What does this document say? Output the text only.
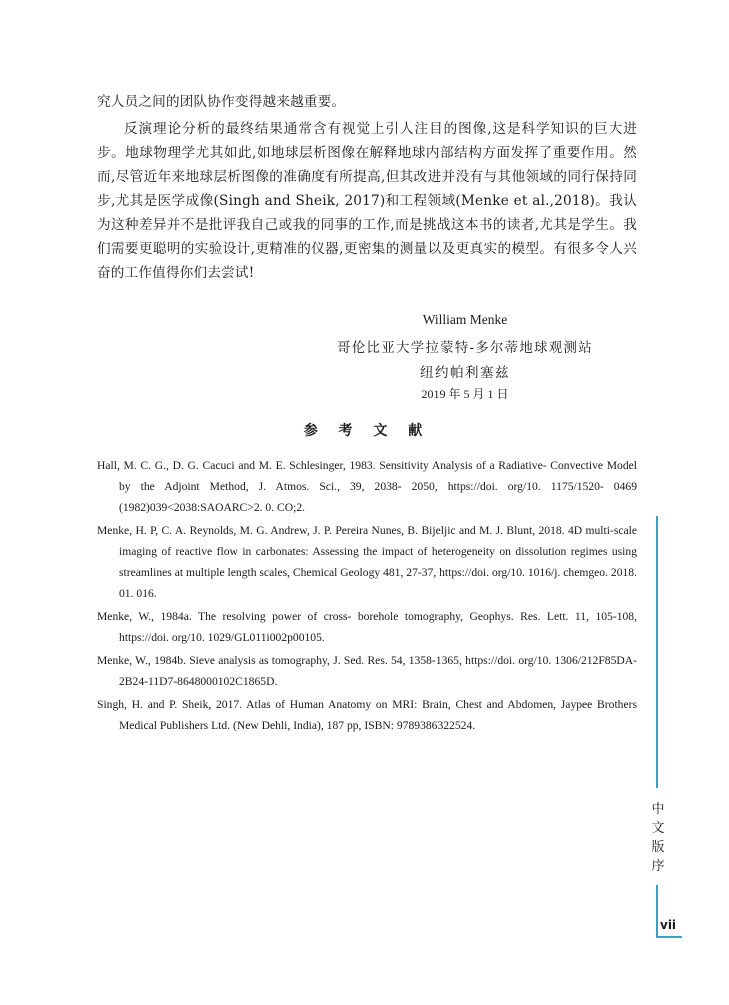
究人员之间的团队协作变得越来越重要。

反演理论分析的最终结果通常含有视觉上引人注目的图像,这是科学知识的巨大进步。地球物理学尤其如此,如地球层析图像在解释地球内部结构方面发挥了重要作用。然而,尽管近年来地球层析图像的准确度有所提高,但其改进并没有与其他领域的同行保持同步,尤其是医学成像(Singh and Sheik, 2017)和工程领域(Menke et al.,2018)。我认为这种差异并不是批评我自己或我的同事的工作,而是挑战这本书的读者,尤其是学生。我们需要更聪明的实验设计,更精准的仪器,更密集的测量以及更真实的模型。有很多令人兴奋的工作值得你们去尝试!

William Menke

哥伦比亚大学拉蒙特-多尔蒂地球观测站

纽约帕利塞兹

2019 年 5 月 1 日

参 考 文 献
Hall, M. C. G., D. G. Cacuci and M. E. Schlesinger, 1983. Sensitivity Analysis of a Radiative- Convective Model by the Adjoint Method, J. Atmos. Sci., 39, 2038- 2050, https://doi. org/10. 1175/1520- 0469 (1982)039<2038:SAOARC>2. 0. CO;2.
Menke, H. P, C. A. Reynolds, M. G. Andrew, J. P. Pereira Nunes, B. Bijeljic and M. J. Blunt, 2018. 4D multi-scale imaging of reactive flow in carbonates: Assessing the impact of heterogeneity on dissolution regimes using streamlines at multiple length scales, Chemical Geology 481, 27-37, https://doi. org/10. 1016/j. chemgeo. 2018. 01. 016.
Menke, W., 1984a. The resolving power of cross- borehole tomography, Geophys. Res. Lett. 11, 105-108, https://doi. org/10. 1029/GL011i002p00105.
Menke, W., 1984b. Sieve analysis as tomography, J. Sed. Res. 54, 1358-1365, https://doi. org/10. 1306/212F85DA-2B24-11D7-8648000102C1865D.
Singh, H. and P. Sheik, 2017. Atlas of Human Anatomy on MRI: Brain, Chest and Abdomen, Jaypee Brothers Medical Publishers Ltd. (New Dehli, India), 187 pp, ISBN: 9789386322524.

中文版序

vii
